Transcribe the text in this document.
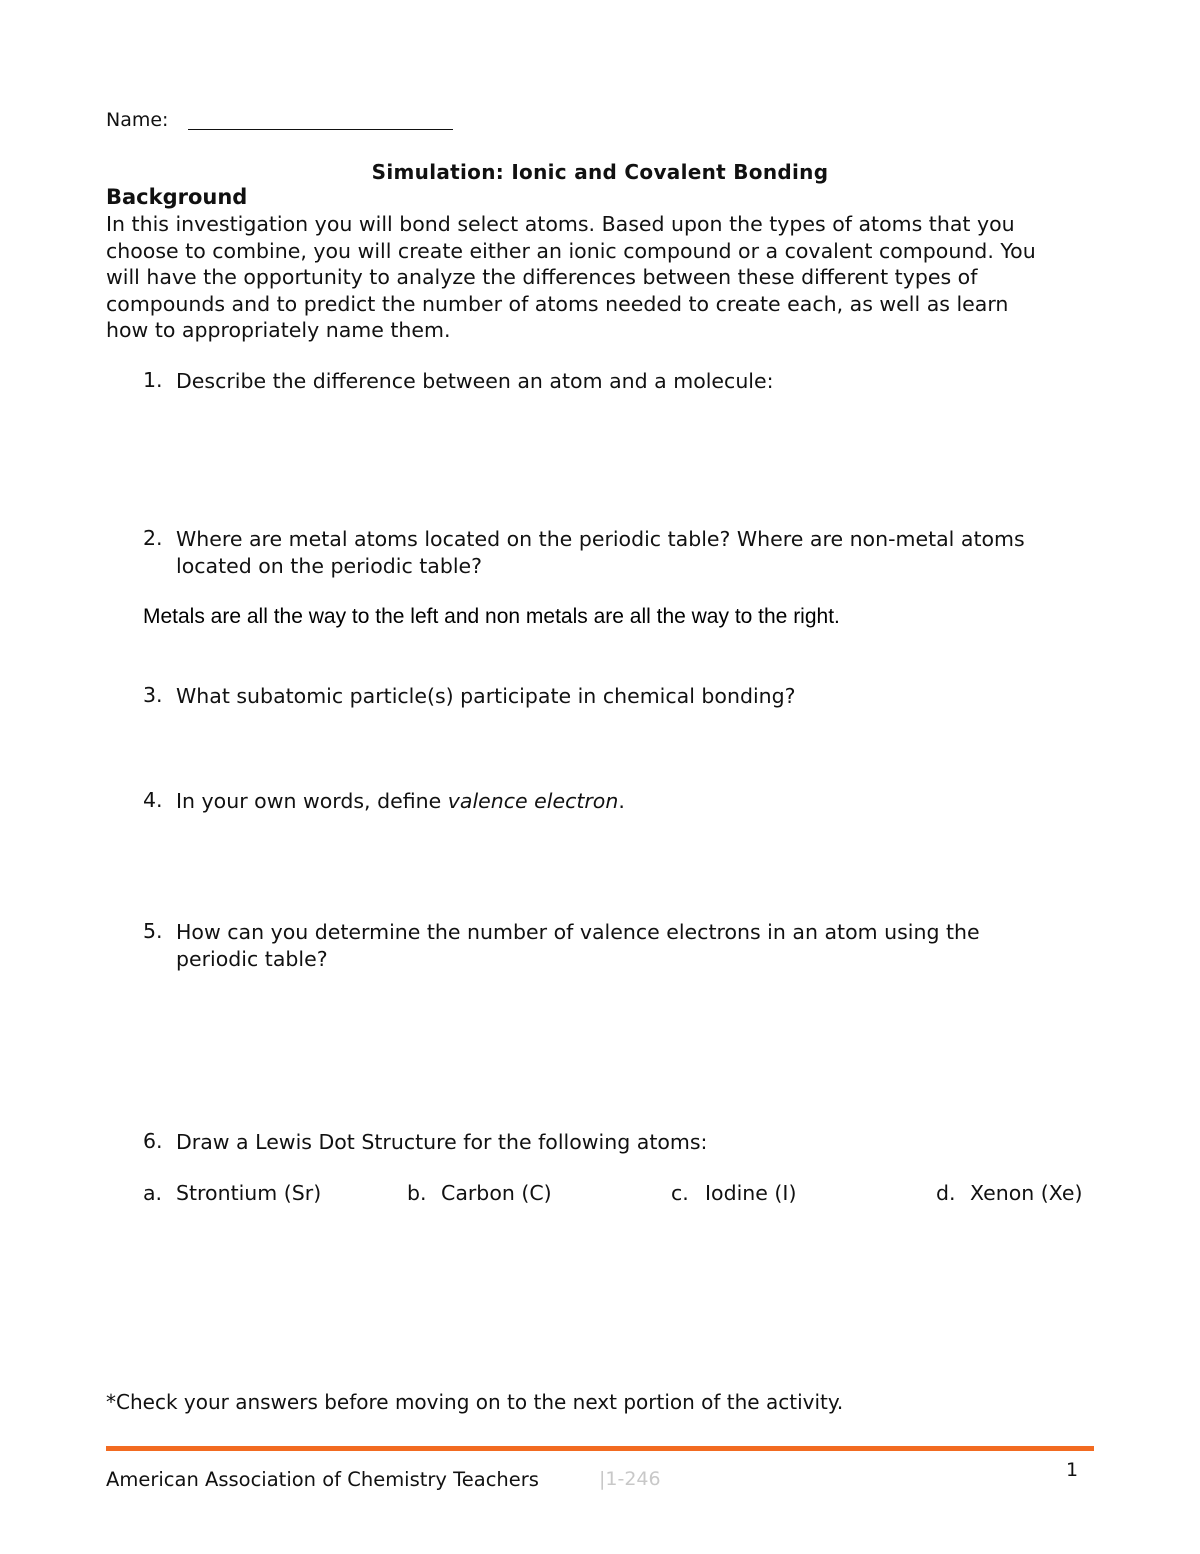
Name:
Simulation: Ionic and Covalent Bonding
Background
In this investigation you will bond select atoms. Based upon the types of atoms that you
choose to combine, you will create either an ionic compound or a covalent compound. You
will have the opportunity to analyze the differences between these different types of
compounds and to predict the number of atoms needed to create each, as well as learn
how to appropriately name them.
1. Describe the difference between an atom and a molecule:
2. Where are metal atoms located on the periodic table? Where are non-metal atoms
located on the periodic table?
Metals are all the way to the left and non metals are all the way to the right.
3. What subatomic particle(s) participate in chemical bonding?
4. In your own words, define valence electron.
5. How can you determine the number of valence electrons in an atom using the
periodic table?
6. Draw a Lewis Dot Structure for the following atoms:
a. Strontium (Sr)	b. Carbon (C)	c. Iodine (I)	d. Xenon (Xe)
*Check your answers before moving on to the next portion of the activity.
American Association of Chemistry Teachers	|1-246	1
